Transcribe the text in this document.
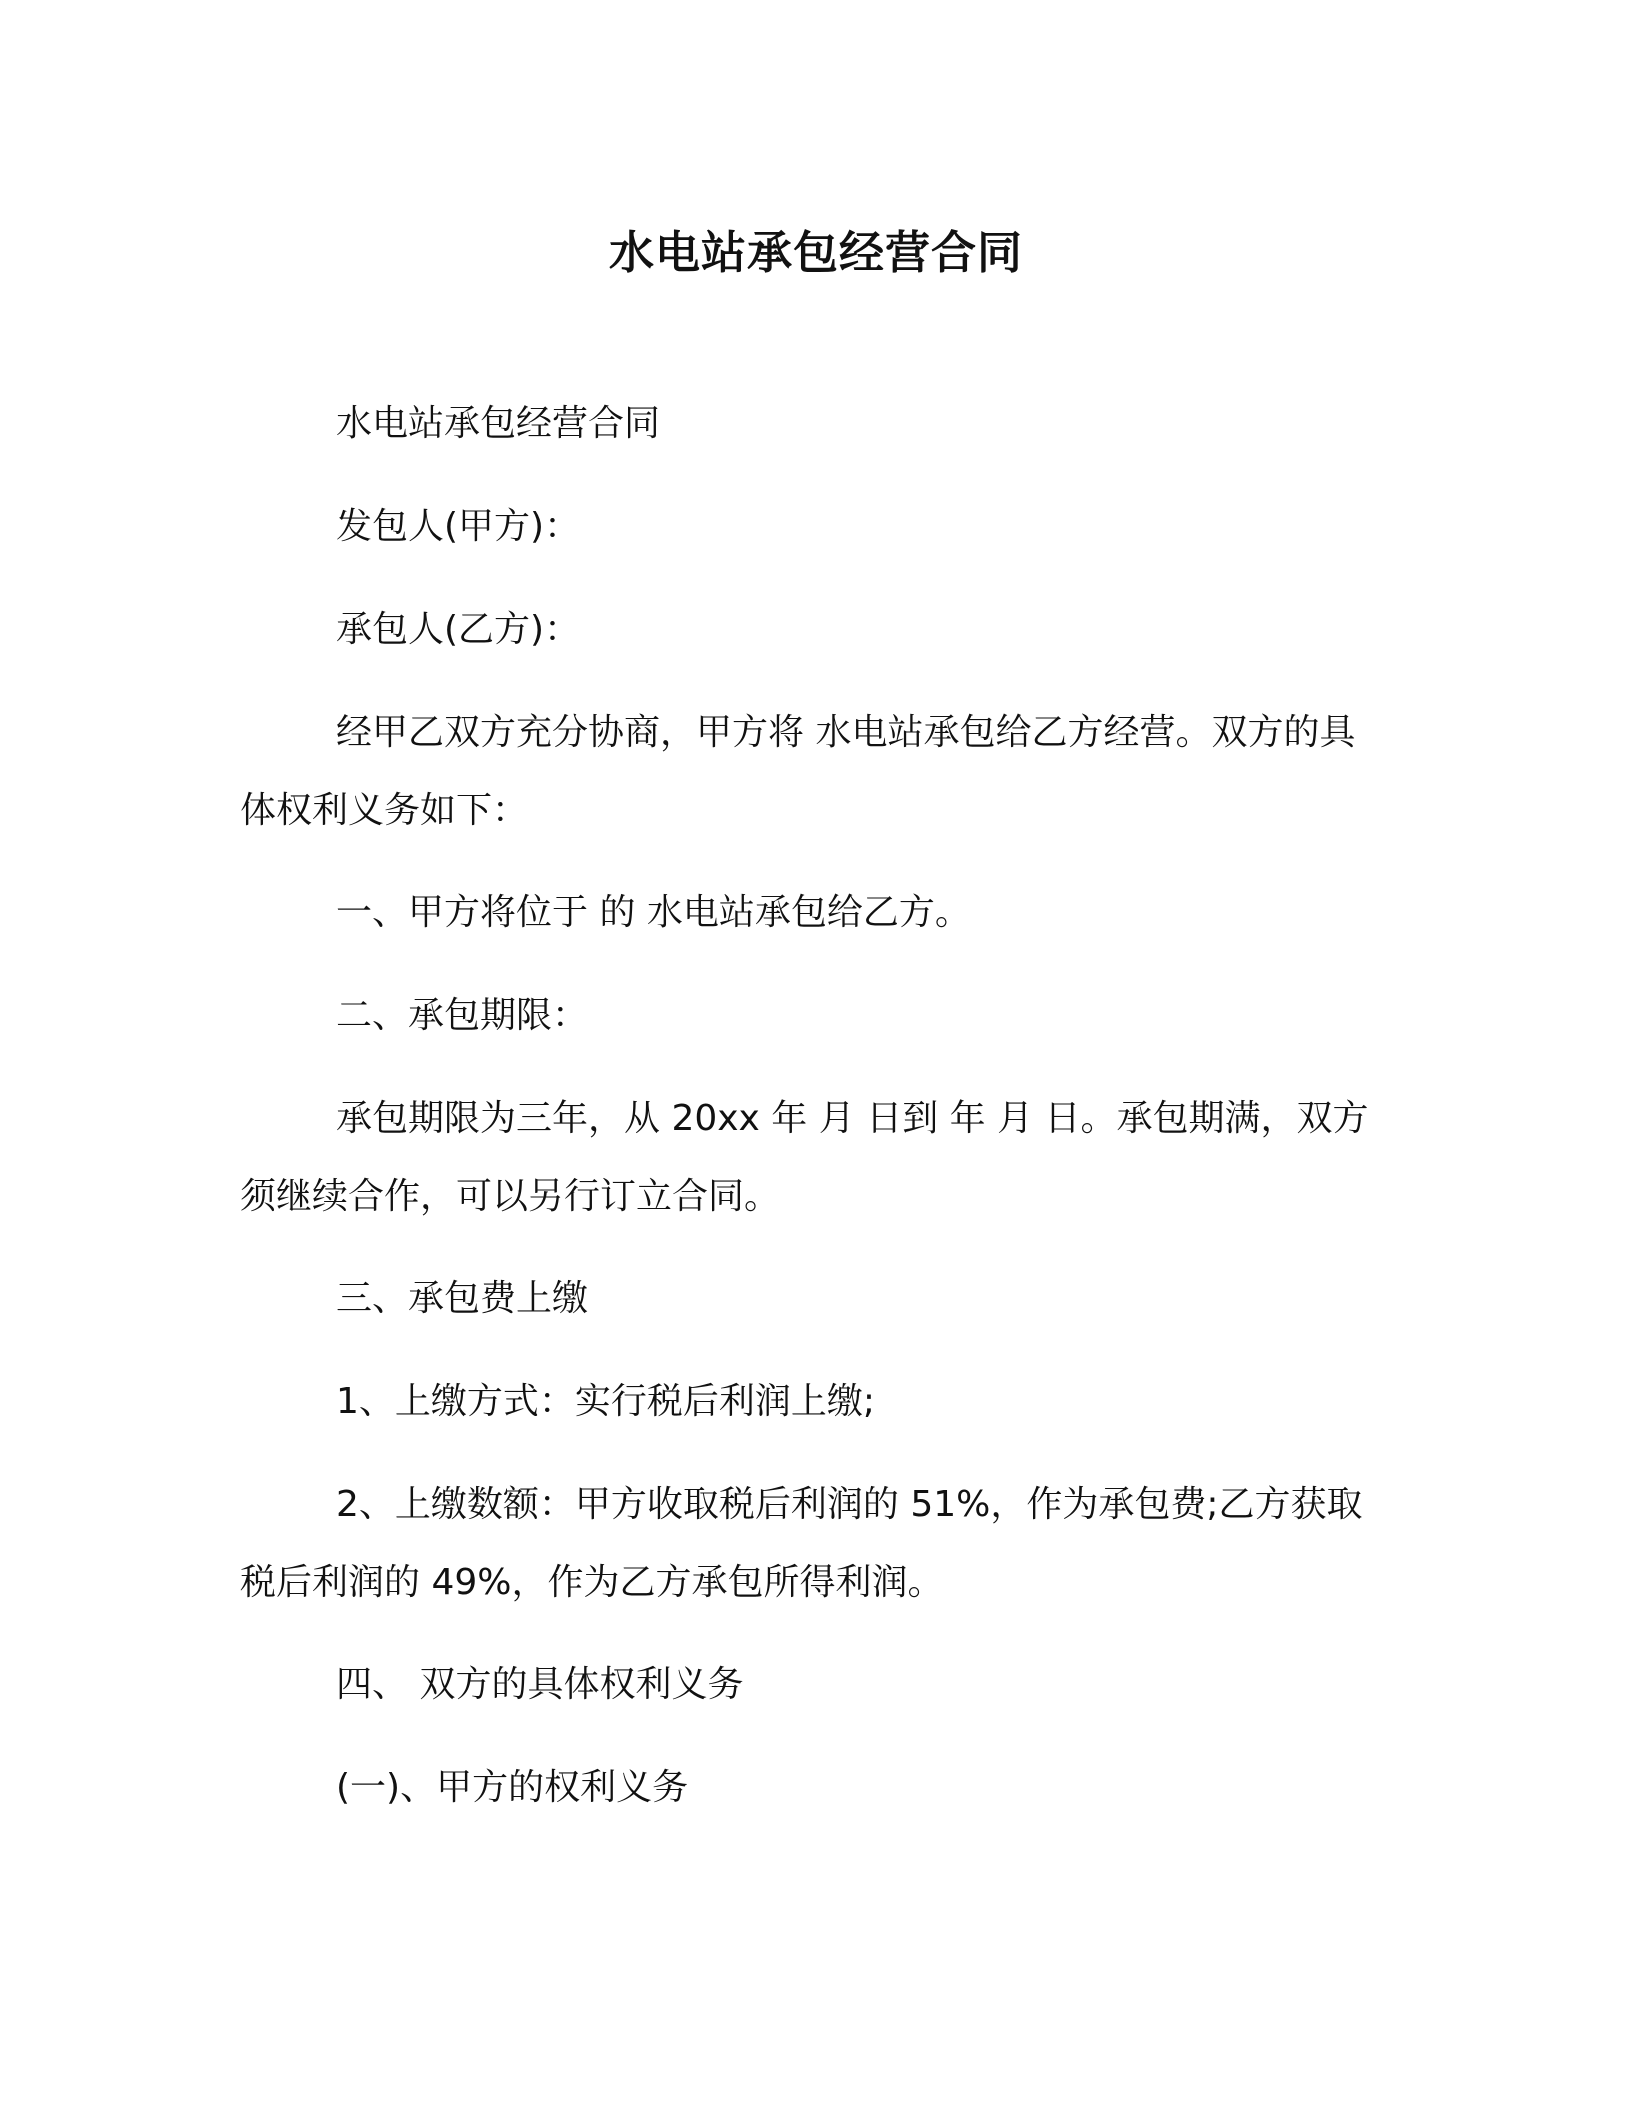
水电站承包经营合同

水电站承包经营合同

发包人(甲方)：

承包人(乙方)：

经甲乙双方充分协商，甲方将 水电站承包给乙方经营。双方的具体权利义务如下：

一、甲方将位于 的 水电站承包给乙方。

二、承包期限：

承包期限为三年，从 20xx 年 月 日到 年 月 日。承包期满，双方须继续合作，可以另行订立合同。

三、承包费上缴

1、上缴方式：实行税后利润上缴;

2、上缴数额：甲方收取税后利润的 51%，作为承包费;乙方获取税后利润的 49%，作为乙方承包所得利润。

四、 双方的具体权利义务

(一)、甲方的权利义务
